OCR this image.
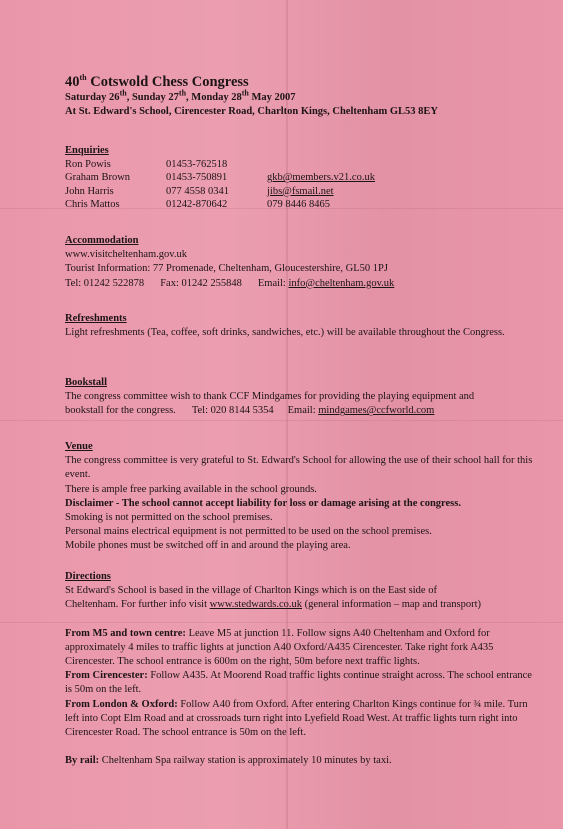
40th Cotswold Chess Congress
Saturday 26th, Sunday 27th, Monday 28th May 2007
At St. Edward's School, Cirencester Road, Charlton Kings, Cheltenham GL53 8EY
Enquiries
Ron Powis	01453-762518
Graham Brown	01453-750891	gkb@members.v21.co.uk
John Harris	077 4558 0341	jibs@fsmail.net
Chris Mattos	01242-870642	079 8446 8465
Accommodation

www.visitcheltenham.gov.uk

Tourist Information: 77 Promenade, Cheltenham, Gloucestershire, GL50 1PJ

Tel: 01242 522878 Fax: 01242 255848 Email: info@cheltenham.gov.uk

Refreshments

Light refreshments (Tea, coffee, soft drinks, sandwiches, etc.) will be available throughout the Congress.

Bookstall

The congress committee wish to thank CCF Mindgames for providing the playing equipment and

bookstall for the congress. Tel: 020 8144 5354 Email: mindgames@ccfworld.com

Venue

The congress committee is very grateful to St. Edward's School for allowing the use of their school hall for this event.

There is ample free parking available in the school grounds.

Disclaimer - The school cannot accept liability for loss or damage arising at the congress.

Smoking is not permitted on the school premises.

Personal mains electrical equipment is not permitted to be used on the school premises.

Mobile phones must be switched off in and around the playing area.

Directions

St Edward's School is based in the village of Charlton Kings which is on the East side of

Cheltenham. For further info visit www.stedwards.co.uk (general information – map and transport)

From M5 and town centre: Leave M5 at junction 11. Follow signs A40 Cheltenham and Oxford for approximately 4 miles to traffic lights at junction A40 Oxford/A435 Cirencester. Take right fork A435 Cirencester. The school entrance is 600m on the right, 50m before next traffic lights.

From Cirencester: Follow A435. At Moorend Road traffic lights continue straight across. The school entrance is 50m on the left.

From London & Oxford: Follow A40 from Oxford. After entering Charlton Kings continue for ¾ mile. Turn left into Copt Elm Road and at crossroads turn right into Lyefield Road West. At traffic lights turn right into Cirencester Road. The school entrance is 50m on the left.

By rail: Cheltenham Spa railway station is approximately 10 minutes by taxi.
